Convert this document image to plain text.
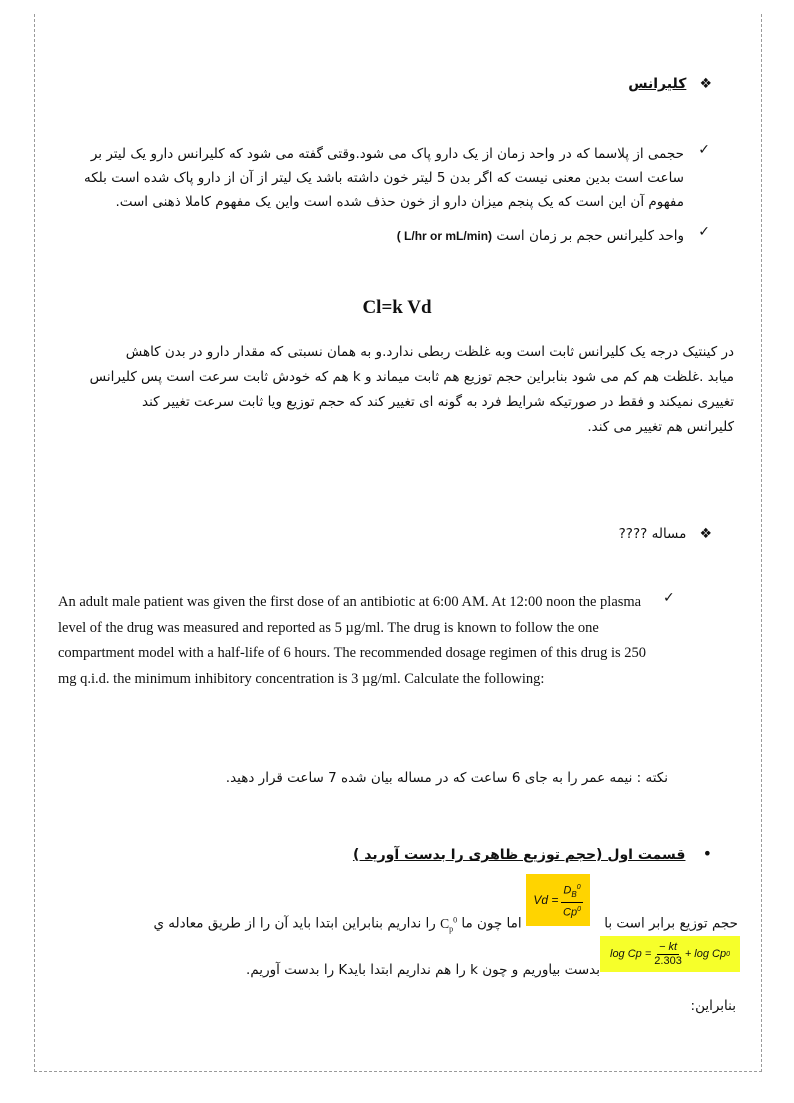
❖ کلیرانس
✓
حجمی از پلاسما که در واحد زمان از یک دارو پاک می شود.وقتی گفته می شود که کلیرانس دارو یک لیتر بر
ساعت است بدین معنی نیست که اگر بدن 5 لیتر خون داشته باشد یک لیتر از آن از دارو پاک شده است بلکه
مفهوم آن این است که یک پنجم میزان دارو از خون حذف شده است واین یک مفهوم کاملا ذهنی است.
✓
واحد کلیرانس حجم بر زمان است ( L/hr or mL/min)
Cl=k Vd
در کینتیک درجه یک کلیرانس ثابت است وبه غلظت ربطی ندارد.و به همان نسبتی که مقدار دارو در بدن کاهش
میابد .غلظت هم کم می شود بنابراین حجم توزیع هم ثابت میماند و k هم که خودش ثابت سرعت است پس کلیرانس
تغییری نمیکند و فقط در صورتیکه شرایط فرد به گونه ای تغییر کند که حجم توزیع ویا ثابت سرعت تغییر کند
کلیرانس هم تغییر می کند.
❖ مساله ????
✓
An adult male patient was given the first dose of an antibiotic at 6:00 AM. At 12:00 noon the plasma
level of the drug was measured and reported as 5 µg/ml. The drug is known to follow the one
compartment model with a half-life of 6 hours. The recommended dosage regimen of this drug is 250
mg q.i.d. the minimum inhibitory concentration is 3 µg/ml. Calculate the following:
نکته : نیمه عمر را به جای 6 ساعت که در مساله بیان شده 7 ساعت قرار دهید.
• قسمت اول (حجم توزیع ظاهری را بدست آورید )
$Vd = \frac{D_B^0}{Cp^0}$
حجم توزیع برابر است با  اما چون ما $C_p^0$ را نداریم بنابراین ابتدا باید آن را از طریق معادله ي
$\log Cp = \frac{- kt}{2.303} + \log Cp$ 0
بدست بیاوریم و چون k را هم نداریم ابتدا بایدK را بدست آوریم.
بنابراین:
